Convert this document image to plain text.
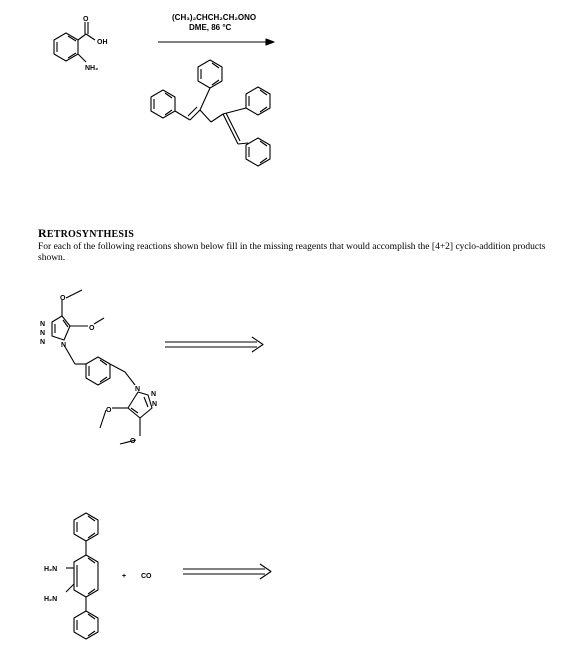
O
OH
NH₂
(CH₃)₂CHCH₂CH₂ONO
DME, 86 °C
O
O
N
N
N N
N
N
N
O
O
H₂N
H₂N
+ CO
RETROSYNTHESIS
For each of the following reactions shown below fill in the missing reagents that would accomplish the [4+2] cyclo-addition products shown.
